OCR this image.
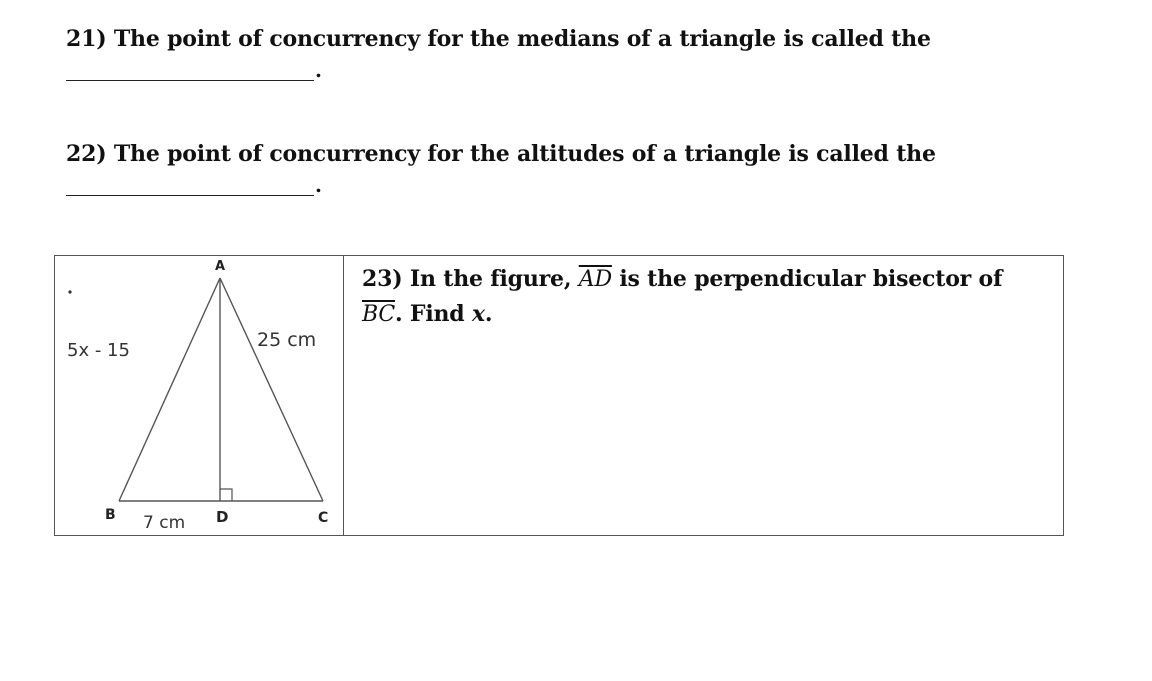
21) The point of concurrency for the medians of a triangle is called the
.
22) The point of concurrency for the altitudes of a triangle is called the
.
A
B	D	C
5x - 15	25 cm
7 cm
23) In the figure, $\overline{AD}$ is the perpendicular bisector of
$\overline{BC}$. Find x.
